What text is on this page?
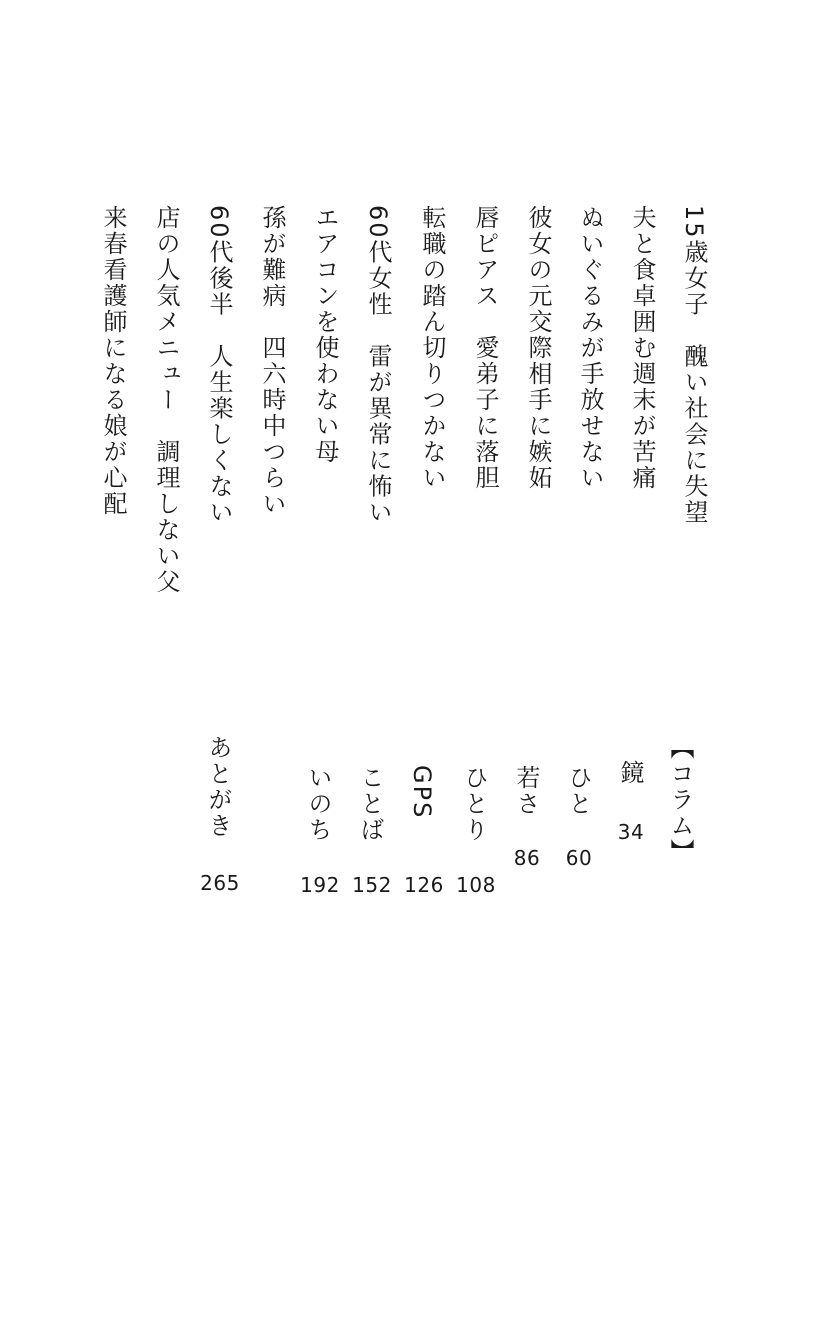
15歳女子　醜い社会に失望
夫と食卓囲む週末が苦痛
ぬいぐるみが手放せない
彼女の元交際相手に嫉妬
唇ピアス　愛弟子に落胆
転職の踏ん切りつかない
60代女性　雷が異常に怖い
エアコンを使わない母
孫が難病　四六時中つらい
60代後半　人生楽しくない
店の人気メニュー　調理しない父
来春看護師になる娘が心配
【コラム】
鏡
34
ひと
60
若さ
86
ひとり
108
GPS
126
ことば
152
いのち
192
あとがき
265
